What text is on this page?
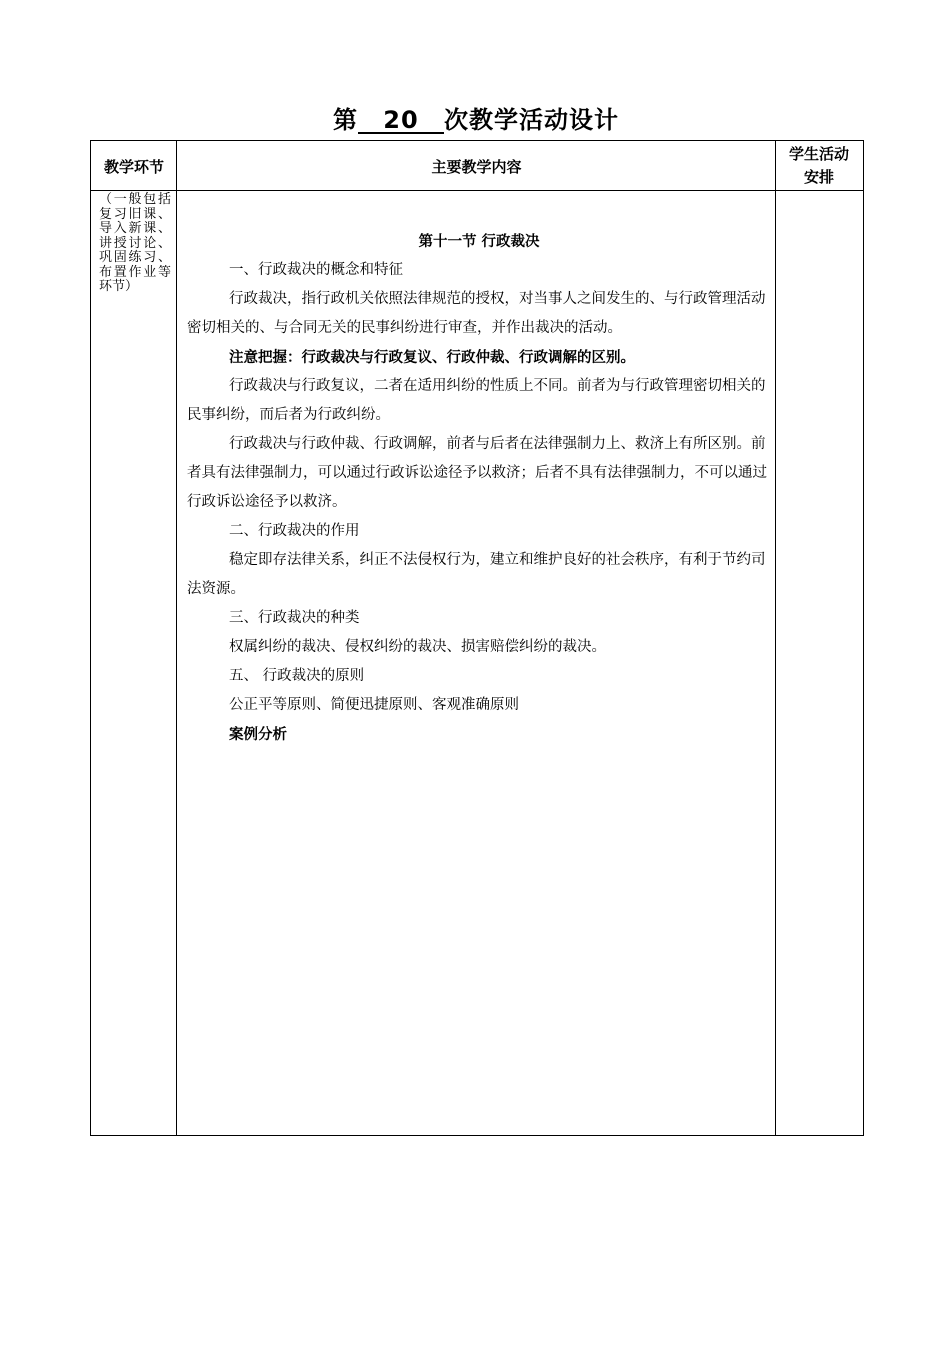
第 20 次教学活动设计
教学环节	主要教学内容
学生活动
安排
（一般包括复习旧课、导入新课、讲授讨论、巩固练习、布置作业等环节）

第十一节 行政裁决

一、行政裁决的概念和特征

行政裁决，指行政机关依照法律规范的授权，对当事人之间发生的、与行政管理活动密切相关的、与合同无关的民事纠纷进行审查，并作出裁决的活动。

注意把握：行政裁决与行政复议、行政仲裁、行政调解的区别。

行政裁决与行政复议，二者在适用纠纷的性质上不同。前者为与行政管理密切相关的民事纠纷，而后者为行政纠纷。

行政裁决与行政仲裁、行政调解，前者与后者在法律强制力上、救济上有所区别。前者具有法律强制力，可以通过行政诉讼途径予以救济；后者不具有法律强制力，不可以通过行政诉讼途径予以救济。

二、行政裁决的作用

稳定即存法律关系，纠正不法侵权行为，建立和维护良好的社会秩序，有利于节约司法资源。

三、行政裁决的种类

权属纠纷的裁决、侵权纠纷的裁决、损害赔偿纠纷的裁决。

五、 行政裁决的原则

公正平等原则、简便迅捷原则、客观准确原则

案例分析
